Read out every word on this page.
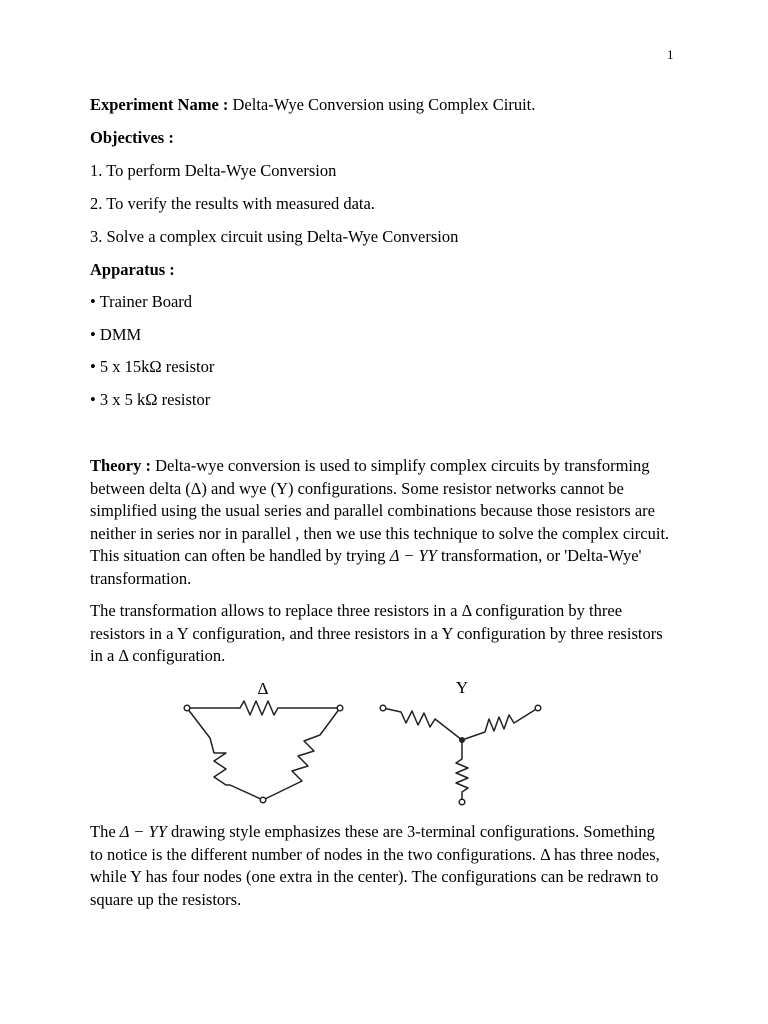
1
Experiment Name : Delta-Wye Conversion using Complex Ciruit.
Objectives :
1. To perform Delta-Wye Conversion
2. To verify the results with measured data.
3. Solve a complex circuit using Delta-Wye Conversion
Apparatus :
• Trainer Board
• DMM
• 5 x 15kΩ resistor
• 3 x 5 kΩ resistor
Theory : Delta-wye conversion is used to simplify complex circuits by transforming between delta (Δ) and wye (Y) configurations. Some resistor networks cannot be simplified using the usual series and parallel combinations because those resistors are neither in series nor in parallel , then we use this technique to solve the complex circuit. This situation can often be handled by trying Δ − YY transformation, or 'Delta-Wye' transformation.
The transformation allows to replace three resistors in a Δ configuration by three resistors in a Y configuration, and three resistors in a Y configuration by three resistors in a Δ configuration.
Δ	Y
The Δ − YY drawing style emphasizes these are 3-terminal configurations. Something to notice is the different number of nodes in the two configurations. Δ has three nodes, while Y has four nodes (one extra in the center). The configurations can be redrawn to square up the resistors.
